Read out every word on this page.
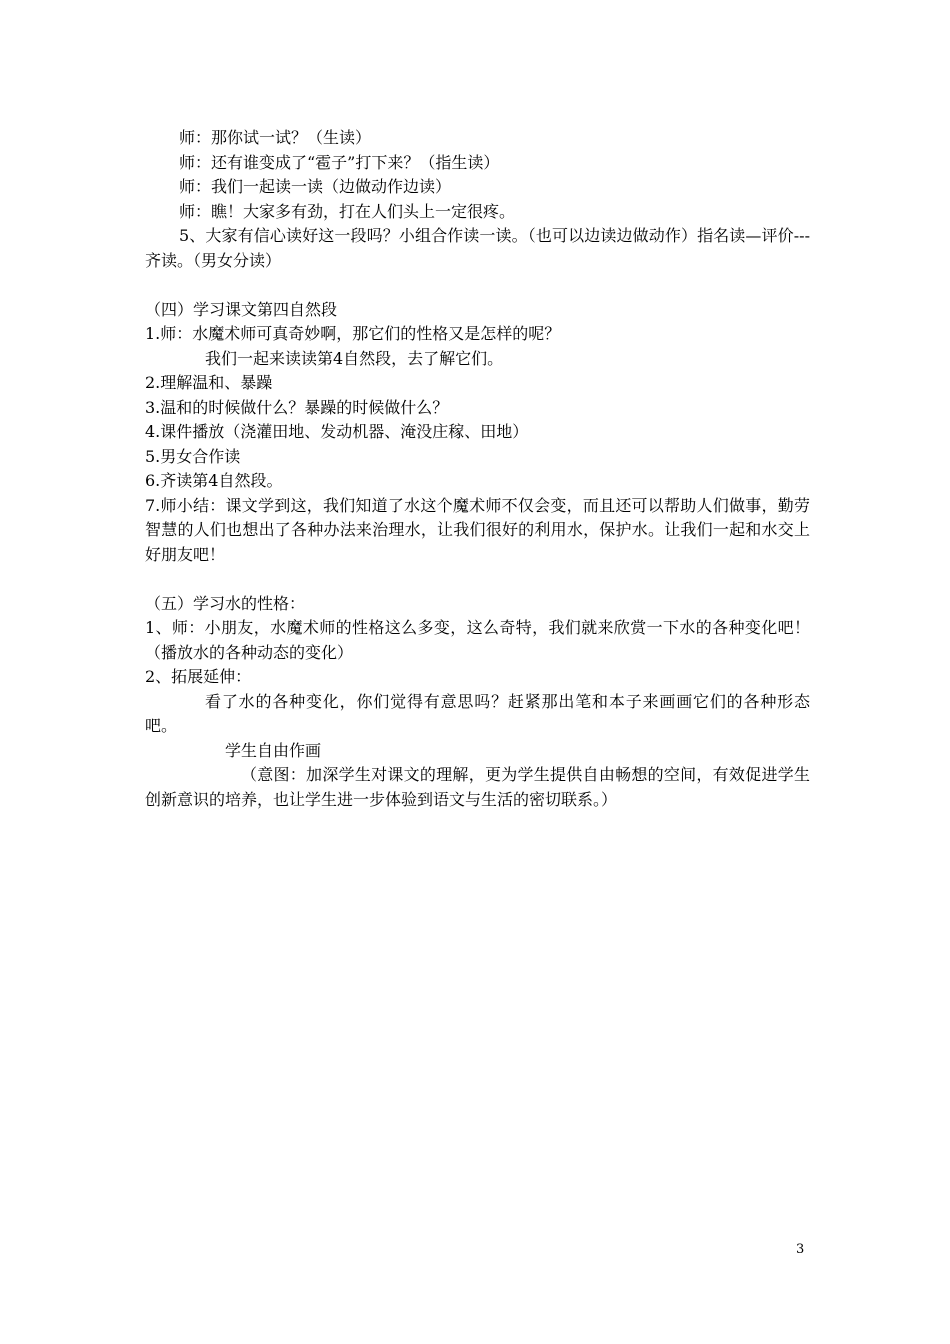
师：那你试一试？（生读）

师：还有谁变成了“雹子”打下来？（指生读）

师：我们一起读一读（边做动作边读）

师：瞧！大家多有劲，打在人们头上一定很疼。

5、大家有信心读好这一段吗？小组合作读一读。（也可以边读边做动作）指名读—评价---齐读。（男女分读）

（四）学习课文第四自然段

1.师：水魔术师可真奇妙啊，那它们的性格又是怎样的呢？

我们一起来读读第4自然段，去了解它们。

2.理解温和、暴躁

3.温和的时候做什么？暴躁的时候做什么？

4.课件播放（浇灌田地、发动机器、淹没庄稼、田地）

5.男女合作读

6.齐读第4自然段。

7.师小结：课文学到这，我们知道了水这个魔术师不仅会变，而且还可以帮助人们做事，勤劳智慧的人们也想出了各种办法来治理水，让我们很好的利用水，保护水。让我们一起和水交上好朋友吧！

（五）学习水的性格：

1、师：小朋友，水魔术师的性格这么多变，这么奇特，我们就来欣赏一下水的各种变化吧！（播放水的各种动态的变化）

2、拓展延伸：

看了水的各种变化，你们觉得有意思吗？赶紧那出笔和本子来画画它们的各种形态吧。

学生自由作画

（意图：加深学生对课文的理解，更为学生提供自由畅想的空间，有效促进学生创新意识的培养，也让学生进一步体验到语文与生活的密切联系。）

3
